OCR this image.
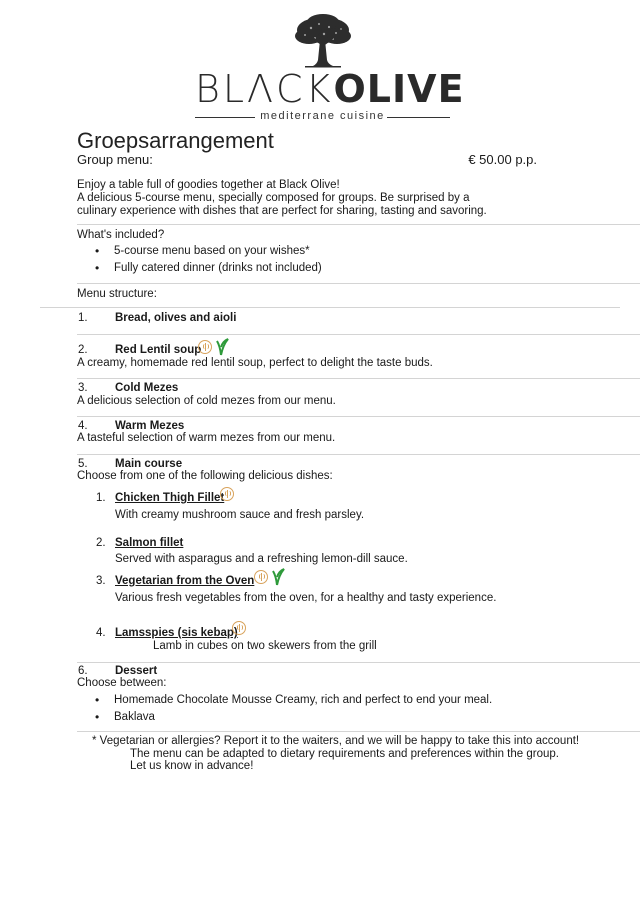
BLΛCKOLIVE
mediterrane cuisine
Groepsarrangement
Group menu:	€ 50.00 p.p.
Enjoy a table full of goodies together at Black Olive!
A delicious 5-course menu, specially composed for groups. Be surprised by a
culinary experience with dishes that are perfect for sharing, tasting and savoring.
What's included?
• 5-course menu based on your wishes*
• Fully catered dinner (drinks not included)
Menu structure:
1. Bread, olives and aioli
2. Red Lentil soup
A creamy, homemade red lentil soup, perfect to delight the taste buds.
3. Cold Mezes
A delicious selection of cold mezes from our menu.
4. Warm Mezes
A tasteful selection of warm mezes from our menu.
5. Main course
Choose from one of the following delicious dishes:
1. Chicken Thigh Fillet
With creamy mushroom sauce and fresh parsley.
2. Salmon fillet
Served with asparagus and a refreshing lemon-dill sauce.
3. Vegetarian from the Oven
Various fresh vegetables from the oven, for a healthy and tasty experience.
4. Lamsspies (sis kebap)
Lamb in cubes on two skewers from the grill
6. Dessert
Choose between:
• Homemade Chocolate Mousse Creamy, rich and perfect to end your meal.
• Baklava
* Vegetarian or allergies? Report it to the waiters, and we will be happy to take this into account!
The menu can be adapted to dietary requirements and preferences within the group.
Let us know in advance!
